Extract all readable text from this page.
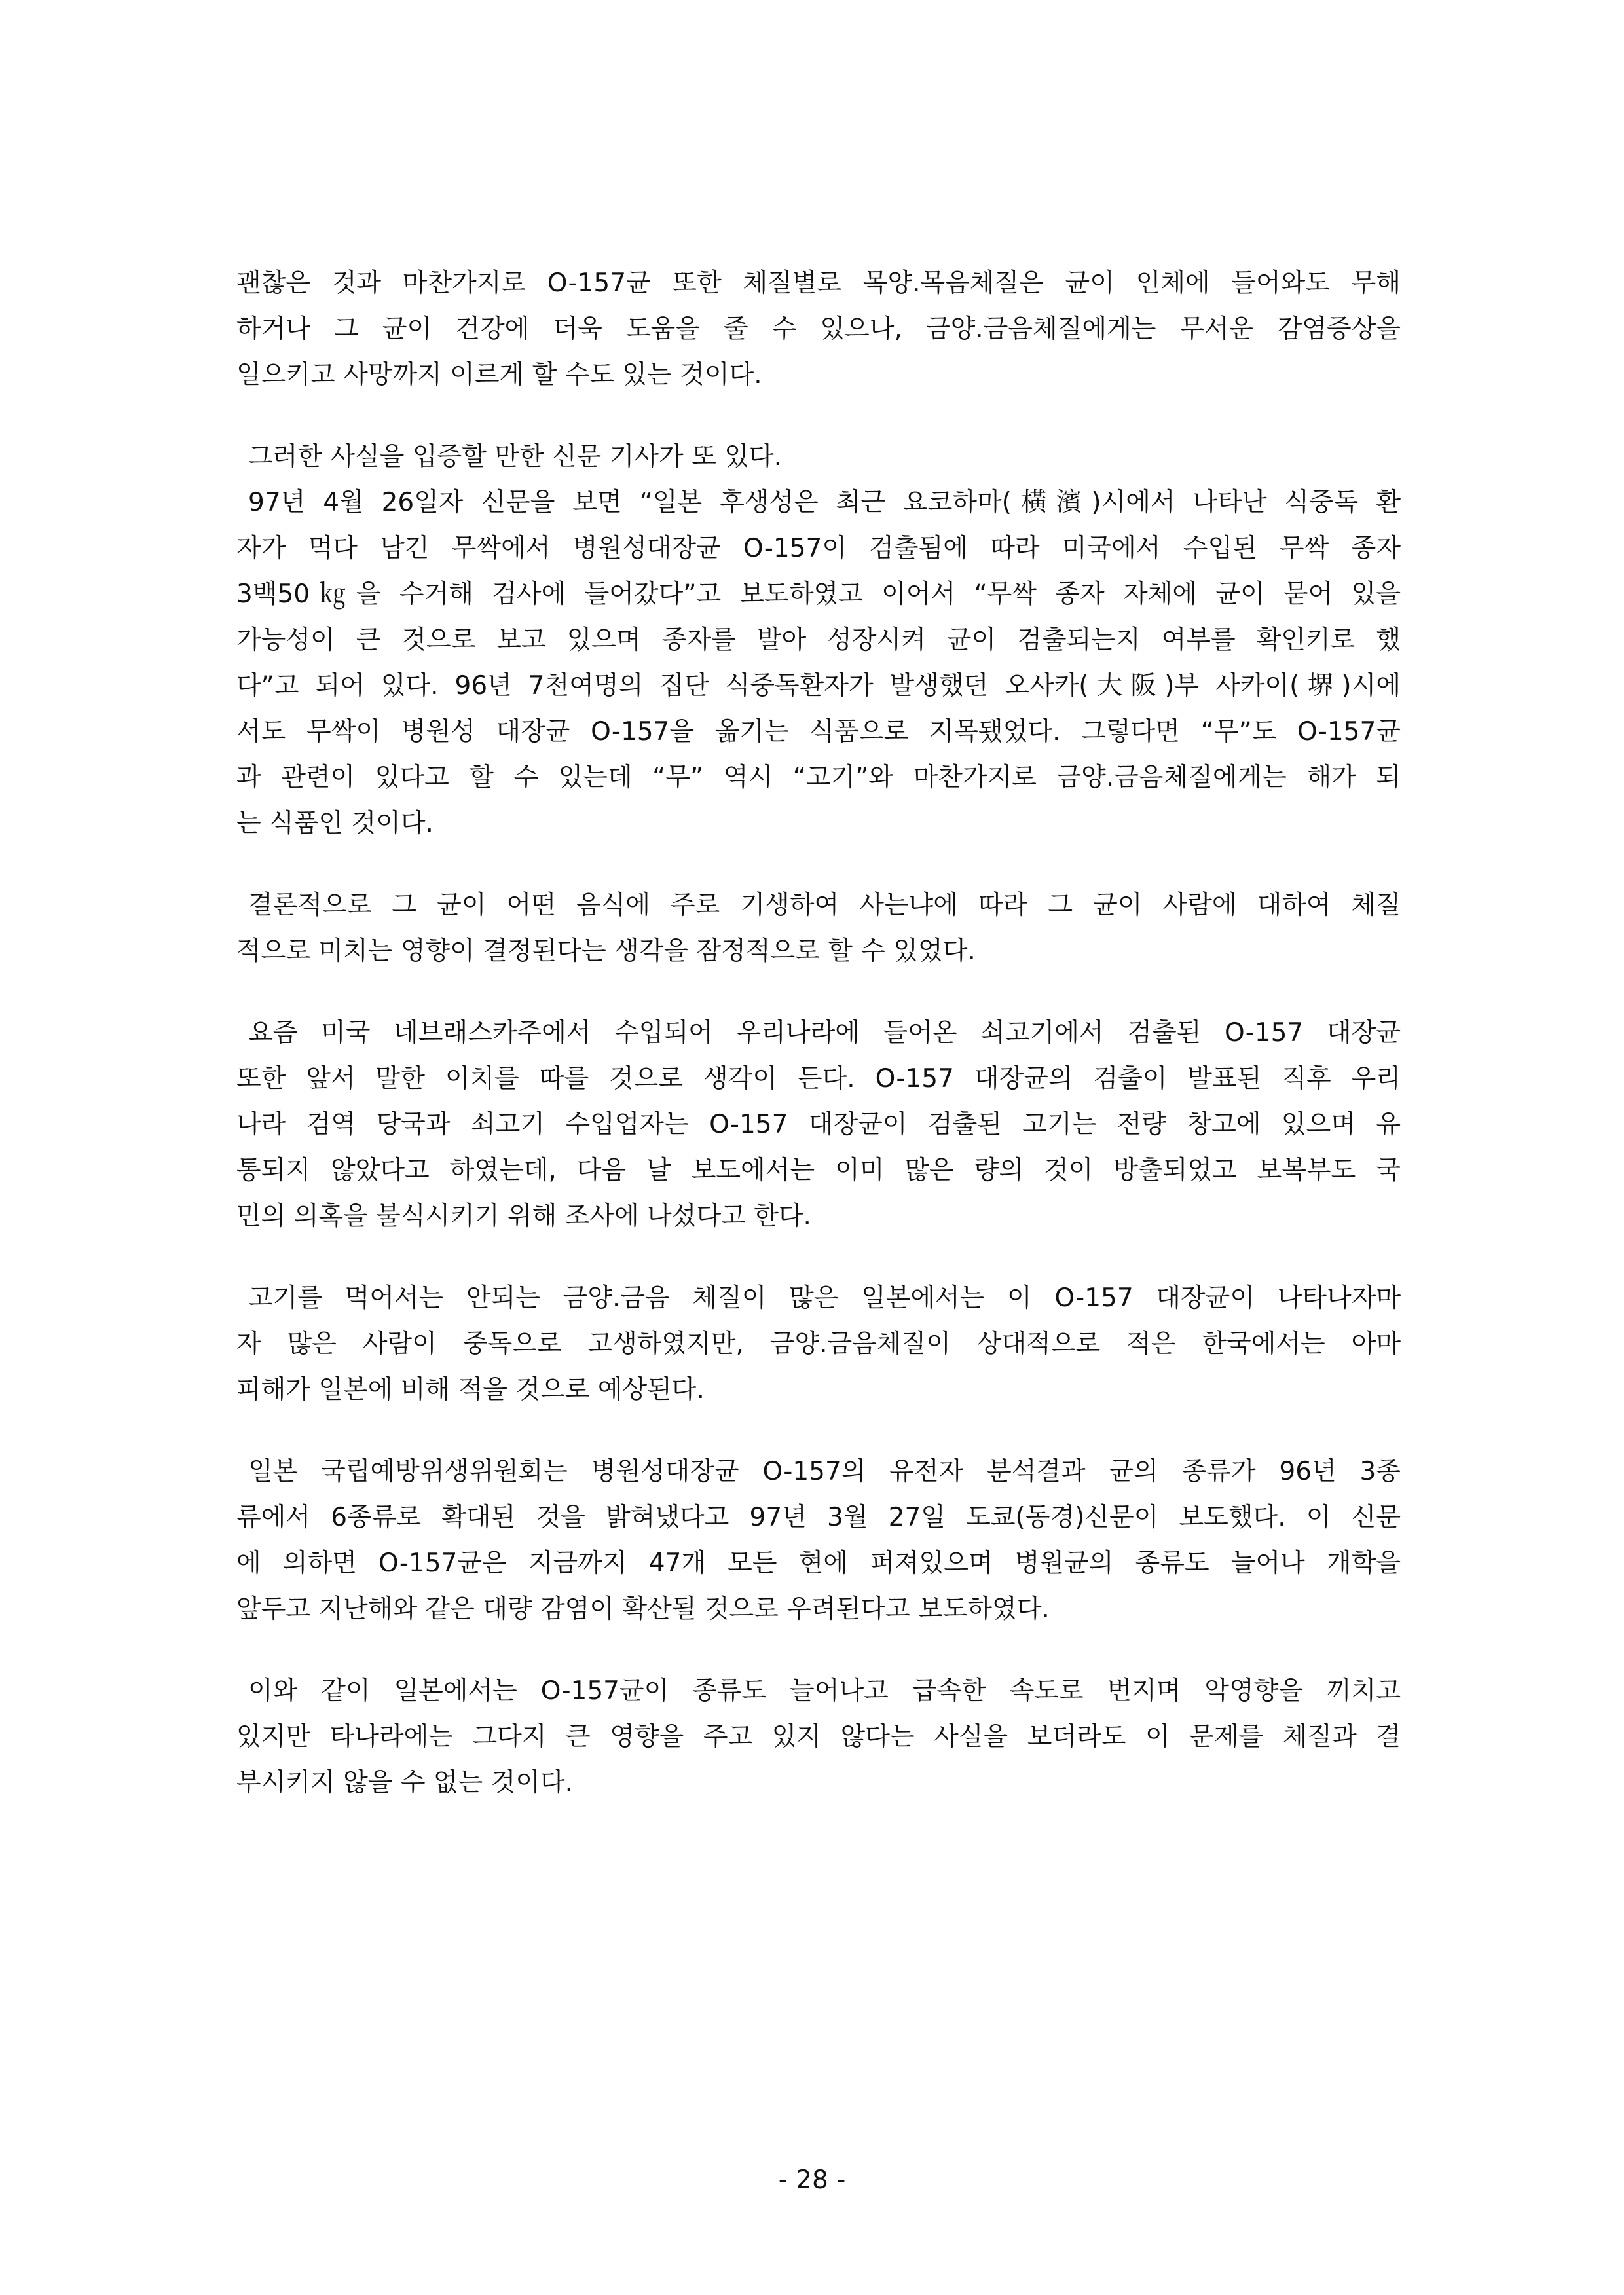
괜찮은 것과 마찬가지로 O-157균 또한 체질별로 목양.목음체질은 균이 인체에 들어와도 무해
하거나 그 균이 건강에 더욱 도움을 줄 수 있으나, 금양.금음체질에게는 무서운 감염증상을
일으키고 사망까지 이르게 할 수도 있는 것이다.
그러한 사실을 입증할 만한 신문 기사가 또 있다.
97년 4월 26일자 신문을 보면 “일본 후생성은 최근 요코하마(橫濱)시에서 나타난 식중독 환
자가 먹다 남긴 무싹에서 병원성대장균 O-157이 검출됨에 따라 미국에서 수입된 무싹 종자
3백50㎏을 수거해 검사에 들어갔다”고 보도하였고 이어서 “무싹 종자 자체에 균이 묻어 있을
가능성이 큰 것으로 보고 있으며 종자를 발아 성장시켜 균이 검출되는지 여부를 확인키로 했
다”고 되어 있다. 96년 7천여명의 집단 식중독환자가 발생했던 오사카(大阪)부 사카이(堺)시에
서도 무싹이 병원성 대장균 O-157을 옮기는 식품으로 지목됐었다. 그렇다면 “무”도 O-157균
과 관련이 있다고 할 수 있는데 “무” 역시 “고기”와 마찬가지로 금양.금음체질에게는 해가 되
는 식품인 것이다.
결론적으로 그 균이 어떤 음식에 주로 기생하여 사는냐에 따라 그 균이 사람에 대하여 체질
적으로 미치는 영향이 결정된다는 생각을 잠정적으로 할 수 있었다.
요즘 미국 네브래스카주에서 수입되어 우리나라에 들어온 쇠고기에서 검출된 O-157 대장균
또한 앞서 말한 이치를 따를 것으로 생각이 든다. O-157 대장균의 검출이 발표된 직후 우리
나라 검역 당국과 쇠고기 수입업자는 O-157 대장균이 검출된 고기는 전량 창고에 있으며 유
통되지 않았다고 하였는데, 다음 날 보도에서는 이미 많은 량의 것이 방출되었고 보복부도 국
민의 의혹을 불식시키기 위해 조사에 나섰다고 한다.
고기를 먹어서는 안되는 금양.금음 체질이 많은 일본에서는 이 O-157 대장균이 나타나자마
자 많은 사람이 중독으로 고생하였지만, 금양.금음체질이 상대적으로 적은 한국에서는 아마
피해가 일본에 비해 적을 것으로 예상된다.
일본 국립예방위생위원회는 병원성대장균 O-157의 유전자 분석결과 균의 종류가 96년 3종
류에서 6종류로 확대된 것을 밝혀냈다고 97년 3월 27일 도쿄(동경)신문이 보도했다. 이 신문
에 의하면 O-157균은 지금까지 47개 모든 현에 퍼져있으며 병원균의 종류도 늘어나 개학을
앞두고 지난해와 같은 대량 감염이 확산될 것으로 우려된다고 보도하였다.
이와 같이 일본에서는 O-157균이 종류도 늘어나고 급속한 속도로 번지며 악영향을 끼치고
있지만 타나라에는 그다지 큰 영향을 주고 있지 않다는 사실을 보더라도 이 문제를 체질과 결
부시키지 않을 수 없는 것이다.
- 28 -
